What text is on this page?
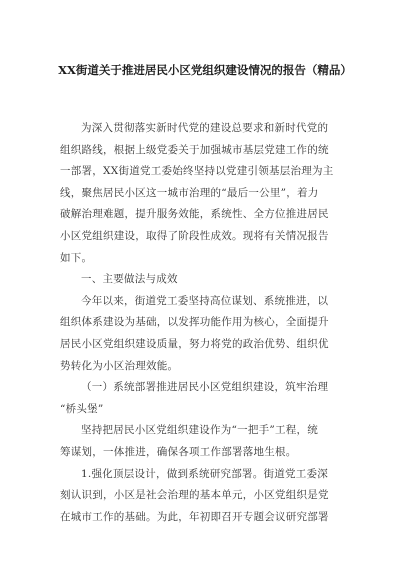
XX街道关于推进居民小区党组织建设情况的报告（精品）
为深入贯彻落实新时代党的建设总要求和新时代党的
组织路线，根据上级党委关于加强城市基层党建工作的统
一部署，XX街道党工委始终坚持以党建引领基层治理为主
线，聚焦居民小区这一城市治理的“最后一公里”，着力
破解治理难题，提升服务效能，系统性、全方位推进居民
小区党组织建设，取得了阶段性成效。现将有关情况报告
如下。
一、主要做法与成效
今年以来，街道党工委坚持高位谋划、系统推进，以
组织体系建设为基础，以发挥功能作用为核心，全面提升
居民小区党组织建设质量，努力将党的政治优势、组织优
势转化为小区治理效能。
（一）系统部署推进居民小区党组织建设，筑牢治理
“桥头堡”
坚持把居民小区党组织建设作为“一把手”工程，统
筹谋划，一体推进，确保各项工作部署落地生根。
1.强化顶层设计，做到系统研究部署。街道党工委深
刻认识到，小区是社会治理的基本单元，小区党组织是党
在城市工作的基础。为此，年初即召开专题会议研究部署
